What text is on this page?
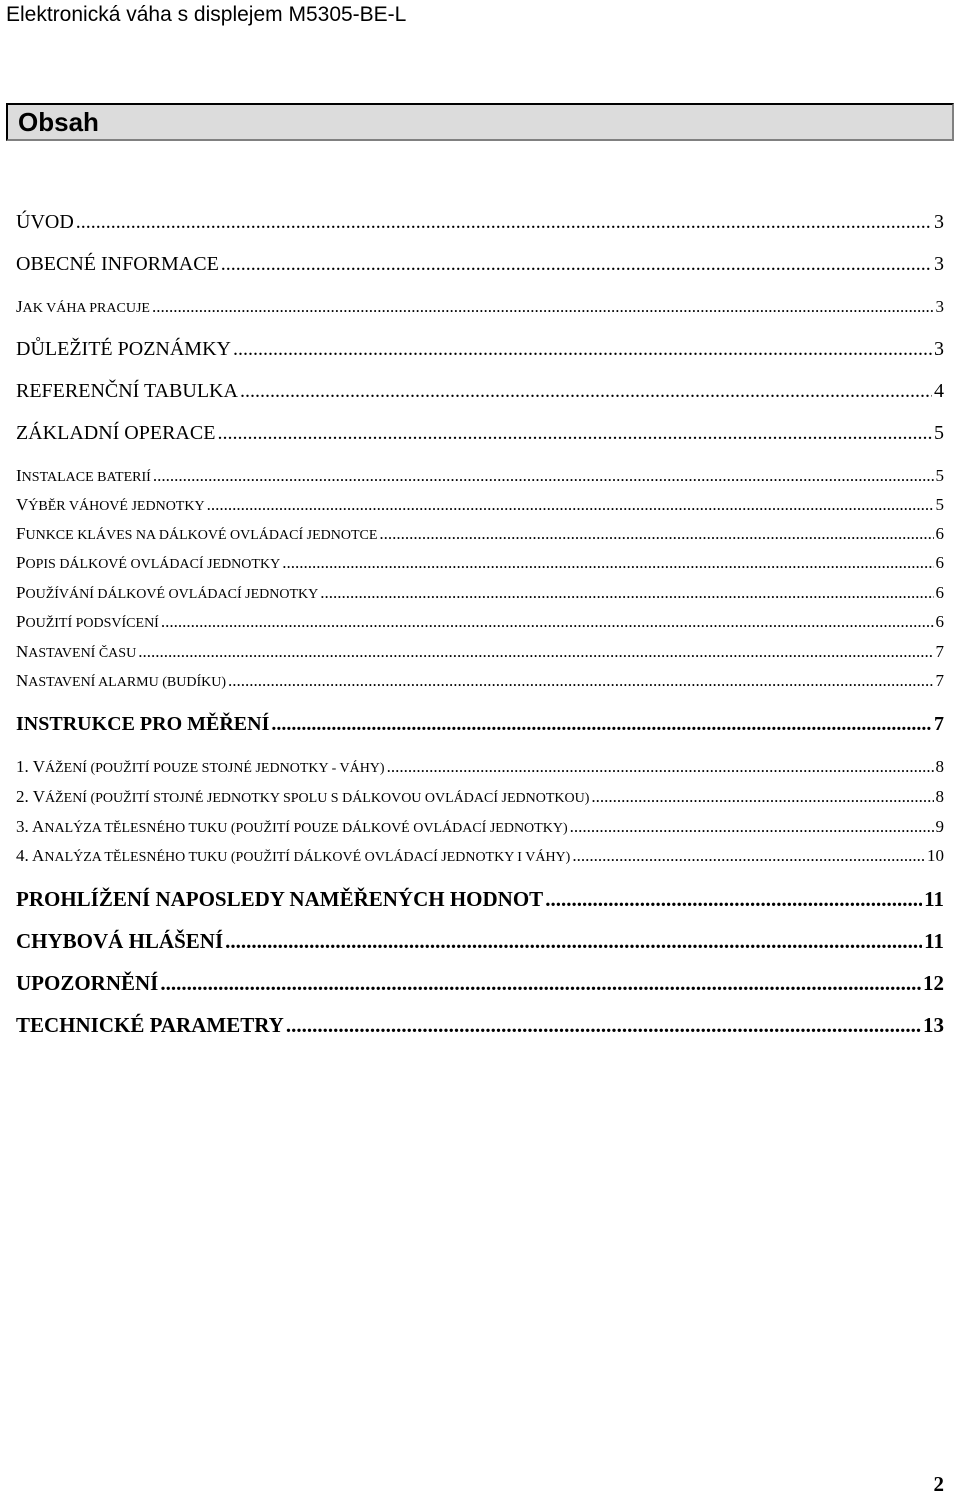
Elektronická váha s displejem M5305-BE-L
Obsah
ÚVOD .....	3
OBECNÉ INFORMACE .....	3
JAK VÁHA PRACUJE .....	3
DŮLEŽITÉ POZNÁMKY .....	3
REFERENČNÍ TABULKA .....	4
ZÁKLADNÍ OPERACE .....	5
INSTALACE BATERIÍ .....	5
VÝBĚR VÁHOVÉ JEDNOTKY .....	5
FUNKCE KLÁVES NA DÁLKOVÉ OVLÁDACÍ JEDNOTCE .....	6
POPIS DÁLKOVÉ OVLÁDACÍ JEDNOTKY .....	6
POUŽÍVÁNÍ DÁLKOVÉ OVLÁDACÍ JEDNOTKY .....	6
POUŽITÍ PODSVÍCENÍ .....	6
NASTAVENÍ ČASU .....	7
NASTAVENÍ ALARMU (BUDÍKU) .....	7
INSTRUKCE PRO MĚŘENÍ .....	7
1. VÁŽENÍ (POUŽITÍ POUZE STOJNÉ JEDNOTKY - VÁHY) .....	8
2. VÁŽENÍ (POUŽITÍ STOJNÉ JEDNOTKY SPOLU S DÁLKOVOU OVLÁDACÍ JEDNOTKOU) .....	8
3. ANALÝZA TĚLESNÉHO TUKU (POUŽITÍ POUZE DÁLKOVÉ OVLÁDACÍ JEDNOTKY) .....	9
4. ANALÝZA TĚLESNÉHO TUKU (POUŽITÍ DÁLKOVÉ OVLÁDACÍ JEDNOTKY I VÁHY) .....	10
PROHLÍŽENÍ NAPOSLEDY NAMĚŘENÝCH HODNOT .....	11
CHYBOVÁ HLÁŠENÍ .....	11
UPOZORNĚNÍ .....	12
TECHNICKÉ PARAMETRY .....	13
2
